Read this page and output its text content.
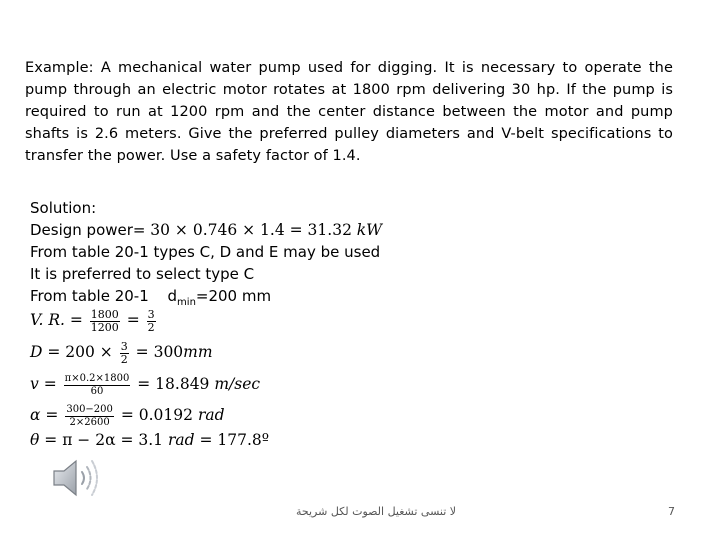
Example: A mechanical water pump used for digging. It is necessary to operate the pump through an electric motor rotates at 1800 rpm delivering 30 hp. If the pump is required to run at 1200 rpm and the center distance between the motor and pump shafts is 2.6 meters. Give the preferred pulley diameters and V-belt specifications to transfer the power. Use a safety factor of 1.4.
Solution:
Design power= 30 × 0.746 × 1.4 = 31.32 kW
From table 20-1 types C, D and E may be used
It is preferred to select type C
From table 20-1 $d_{min}=200$ mm
V. R. = $\frac{1800}{1200} = \frac{3}{2}$
$D = 200 \times \frac{3}{2} = 300mm$
$v = \frac{\pi\times 0.2\times 1800}{60} = 18.849$ m/sec
$\alpha = \frac{300-200}{2\times 2600} = 0.0192$ rad
θ = π − 2α = 3.1 rad = 177.8º
لا تنسى تشغيل الصوت لكل شريحة	7
